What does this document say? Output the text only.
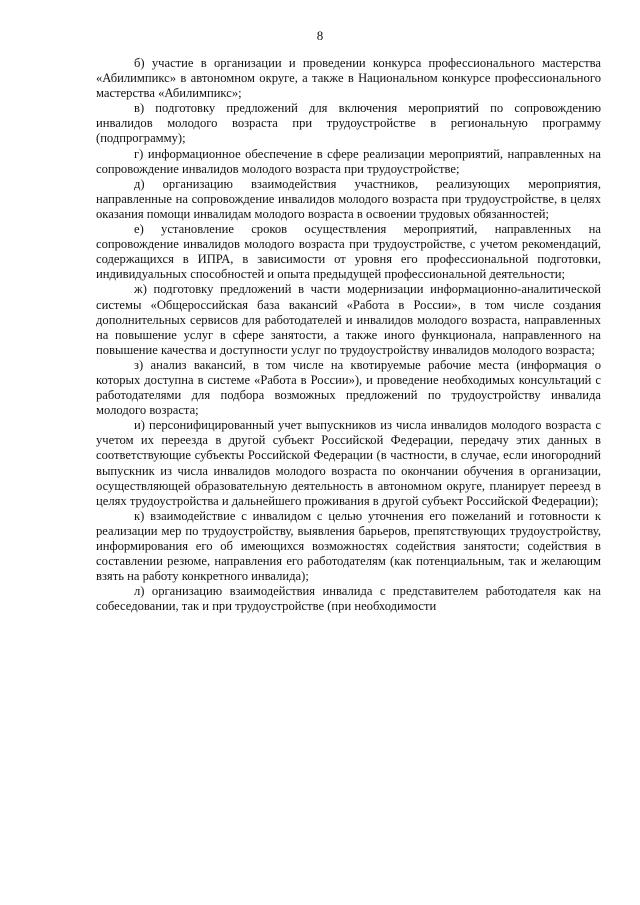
8

б) участие в организации и проведении конкурса профессионального мастерства «Абилимпикс» в автономном округе, а также в Национальном конкурсе профессионального мастерства «Абилимпикс»;

в) подготовку предложений для включения мероприятий по сопровождению инвалидов молодого возраста при трудоустройстве в региональную программу (подпрограмму);

г) информационное обеспечение в сфере реализации мероприятий, направленных на сопровождение инвалидов молодого возраста при трудоустройстве;

д) организацию взаимодействия участников, реализующих мероприятия, направленные на сопровождение инвалидов молодого возраста при трудоустройстве, в целях оказания помощи инвалидам молодого возраста в освоении трудовых обязанностей;

е) установление сроков осуществления мероприятий, направленных на сопровождение инвалидов молодого возраста при трудоустройстве, с учетом рекомендаций, содержащихся в ИПРА, в зависимости от уровня его профессиональной подготовки, индивидуальных способностей и опыта предыдущей профессиональной деятельности;

ж) подготовку предложений в части модернизации информационно-аналитической системы «Общероссийская база вакансий «Работа в России», в том числе создания дополнительных сервисов для работодателей и инвалидов молодого возраста, направленных на повышение услуг в сфере занятости, а также иного функционала, направленного на повышение качества и доступности услуг по трудоустройству инвалидов молодого возраста;

з) анализ вакансий, в том числе на квотируемые рабочие места (информация о которых доступна в системе «Работа в России»), и проведение необходимых консультаций с работодателями для подбора возможных предложений по трудоустройству инвалида молодого возраста;

и) персонифицированный учет выпускников из числа инвалидов молодого возраста с учетом их переезда в другой субъект Российской Федерации, передачу этих данных в соответствующие субъекты Российской Федерации (в частности, в случае, если иногородний выпускник из числа инвалидов молодого возраста по окончании обучения в организации, осуществляющей образовательную деятельность в автономном округе, планирует переезд в целях трудоустройства и дальнейшего проживания в другой субъект Российской Федерации);

к) взаимодействие с инвалидом с целью уточнения его пожеланий и готовности к реализации мер по трудоустройству, выявления барьеров, препятствующих трудоустройству, информирования его об имеющихся возможностях содействия занятости; содействия в составлении резюме, направления его работодателям (как потенциальным, так и желающим взять на работу конкретного инвалида);

л) организацию взаимодействия инвалида с представителем работодателя как на собеседовании, так и при трудоустройстве (при необходимости
